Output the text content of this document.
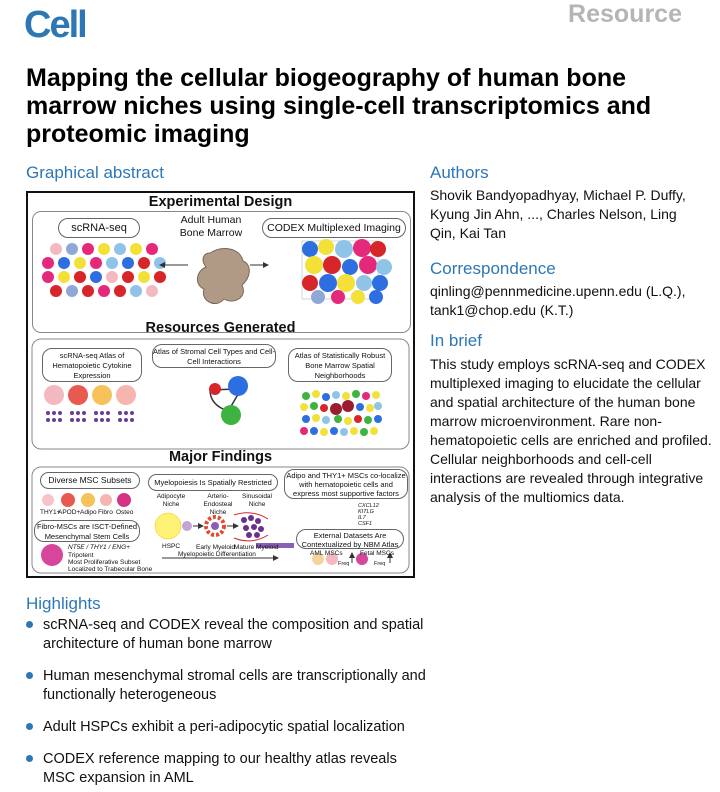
Cell	Resource
Mapping the cellular biogeography of human bone marrow niches using single-cell transcriptomics and proteomic imaging
Graphical abstract
Experimental Design
scRNA-seq
Adult Human Bone Marrow	CODEX Multiplexed Imaging
Resources Generated
scRNA-seq Atlas of Hematopoietic Cytokine Expression
Atlas of Stromal Cell Types and Cell-Cell Interactions
Atlas of Statistically Robust Bone Marrow Spatial Neighborhoods
Major Findings
Diverse MSC Subsets
THY1+
APOD+ Adipo Fibro Osteo
Fibro-MSCs are ISCT-Defined Mesenchymal Stem Cells
NT5E / THY1 / ENG+
Tripotent
Most Proliferative Subset
Localized to Trabecular Bone
Myelopoiesis Is Spatially Restricted
Adipocyte Niche
Arterio-Endosteal Niche
Sinusoidal Niche
HSPC Early Myeloid
Mature Myeloid
Myelopoietic Differentiation
Adipo and THY1+ MSCs co-localize with hematopoietic cells and express most supportive factors
CXCL12
KITLG
IL7
CSF1
External Datasets Are Contextualized by NBM Atlas
AML MSCs	Fetal MSCs
Freq	Freq
Authors
Shovik Bandyopadhyay, Michael P. Duffy, Kyung Jin Ahn, ..., Charles Nelson, Ling Qin, Kai Tan
Correspondence
qinling@pennmedicine.upenn.edu (L.Q.), tank1@chop.edu (K.T.)
In brief
This study employs scRNA-seq and CODEX multiplexed imaging to elucidate the cellular and spatial architecture of the human bone marrow microenvironment. Rare non-hematopoietic cells are enriched and profiled. Cellular neighborhoods and cell-cell interactions are revealed through integrative analysis of the multiomics data.
Highlights
scRNA-seq and CODEX reveal the composition and spatial architecture of human bone marrow
Human mesenchymal stromal cells are transcriptionally and functionally heterogeneous
Adult HSPCs exhibit a peri-adipocytic spatial localization
CODEX reference mapping to our healthy atlas reveals MSC expansion in AML
